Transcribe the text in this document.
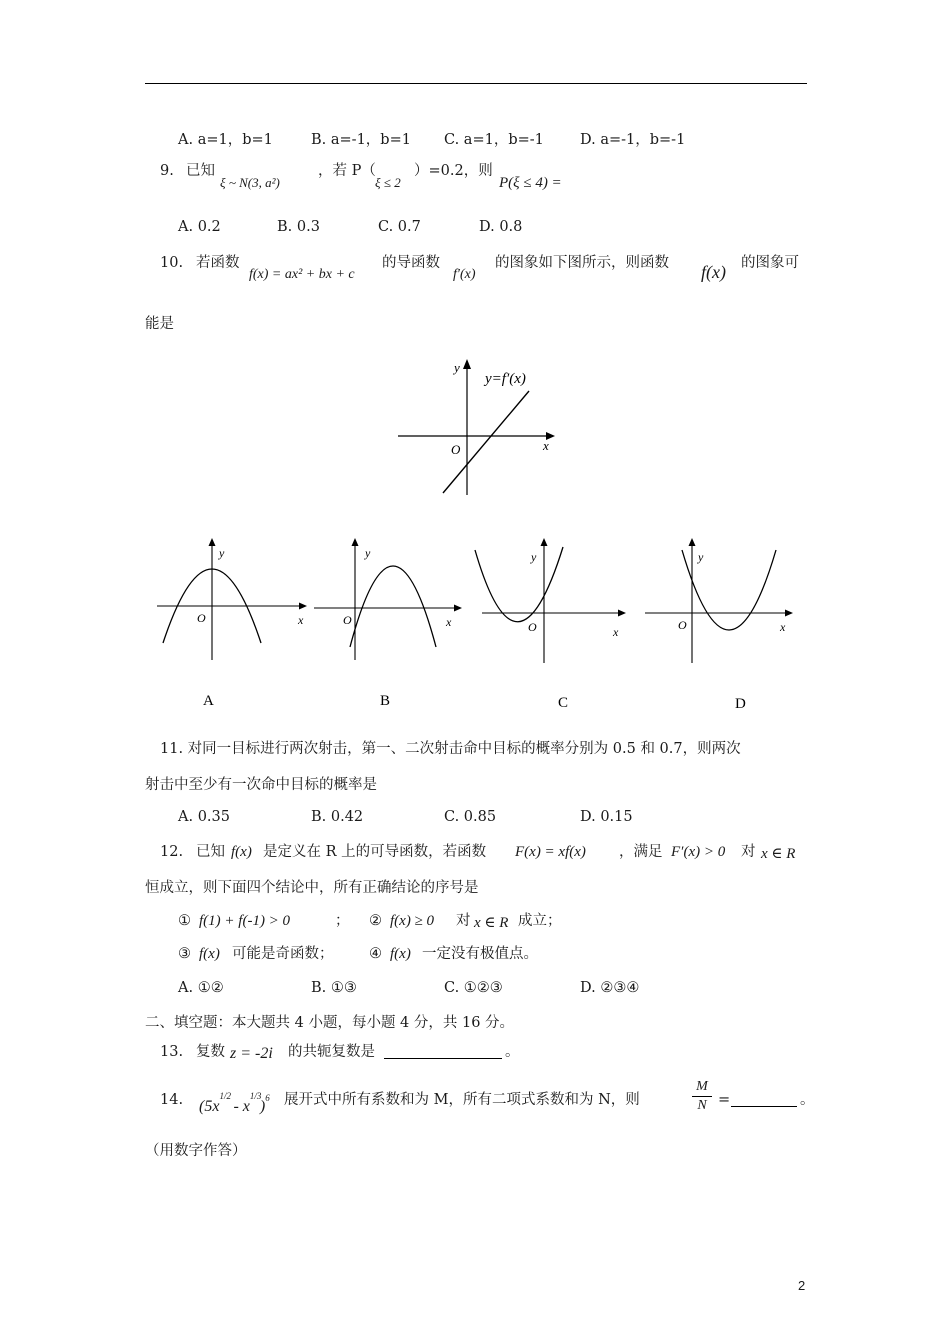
A. a=1，b=1	B. a=-1，b=1 C. a=1，b=-1 D. a=-1，b=-1
9. 已知
ξ ~ N(3, a²)
，若 P（
ξ ≤ 2
）=0.2，则
P(ξ ≤ 4) =
A. 0.2	B. 0.3	C. 0.7	D. 0.8
10. 若函数
f(x) = ax² + bx + c
的导函数
f′(x)
的图象如下图所示，则函数 f(x) 的图象可
能是
y
y=f′(x)
O	x
y
O	x
A
y
O	x
B
y
O	x
C
y
O	x
D
11. 对同一目标进行两次射击，第一、二次射击命中目标的概率分别为 0.5 和 0.7，则两次
射击中至少有一次命中目标的概率是
A. 0.35	B. 0.42	C. 0.85	D. 0.15
12. 已知 f(x) 是定义在 R 上的可导函数，若函数 F(x) = xf(x) ，满足 F′(x) > 0 对 x ∈ R
恒成立，则下面四个结论中，所有正确结论的序号是
① f(1) + f(-1) > 0	； ② f(x) ≥ 0 对 x ∈ R 成立；
③ f(x) 可能是奇函数； ④ f(x) 一定没有极值点。
A. ①②	B. ①③	C. ①②③	D. ②③④
二、填空题：本大题共 4 小题，每小题 4 分，共 16 分。
13. 复数 z = -2i 的共轭复数是	。
14. (5x1/2 - x1/3)$^6$ 展开式中所有系数和为 M，所有二项式系数和为 N，则	$\frac{M}{N}$ =	。
（用数字作答）
2
